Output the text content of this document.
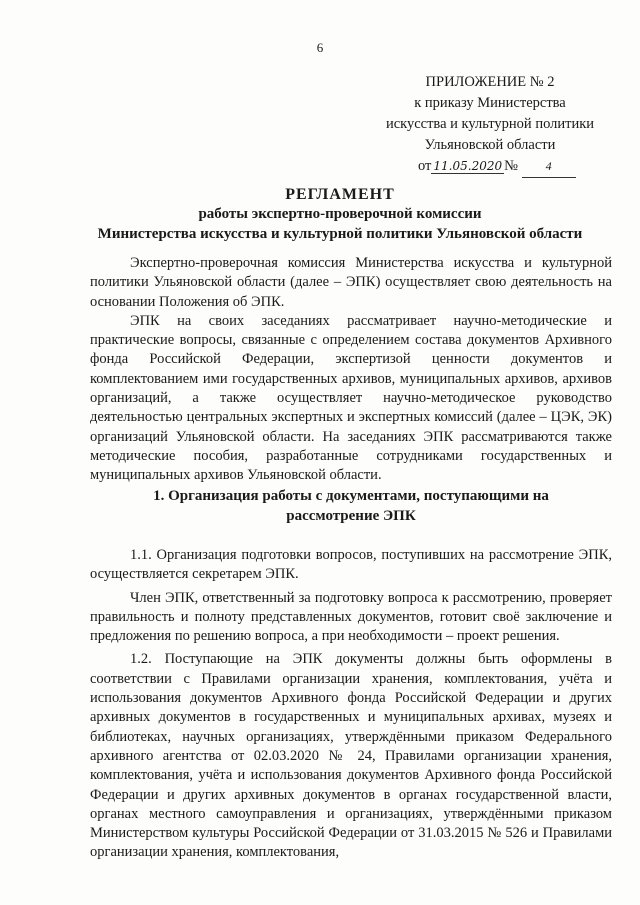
6
ПРИЛОЖЕНИЕ № 2
к приказу Министерства
искусства и культурной политики
Ульяновской области
от 11.05.2020 № 4
РЕГЛАМЕНТ
работы экспертно-проверочной комиссии
Министерства искусства и культурной политики Ульяновской области

Экспертно-проверочная комиссия Министерства искусства и культурной политики Ульяновской области (далее – ЭПК) осуществляет свою деятельность на основании Положения об ЭПК.

ЭПК на своих заседаниях рассматривает научно-методические и практические вопросы, связанные с определением состава документов Архивного фонда Российской Федерации, экспертизой ценности документов и комплектованием ими государственных архивов, муниципальных архивов, архивов организаций, а также осуществляет научно-методическое руководство деятельностью центральных экспертных и экспертных комиссий (далее – ЦЭК, ЭК) организаций Ульяновской области. На заседаниях ЭПК рассматриваются также методические пособия, разработанные сотрудниками государственных и муниципальных архивов Ульяновской области.

1. Организация работы с документами, поступающими на
рассмотрение ЭПК

1.1. Организация подготовки вопросов, поступивших на рассмотрение ЭПК, осуществляется секретарем ЭПК.

Член ЭПК, ответственный за подготовку вопроса к рассмотрению, проверяет правильность и полноту представленных документов, готовит своё заключение и предложения по решению вопроса, а при необходимости – проект решения.

1.2. Поступающие на ЭПК документы должны быть оформлены в соответствии с Правилами организации хранения, комплектования, учёта и использования документов Архивного фонда Российской Федерации и других архивных документов в государственных и муниципальных архивах, музеях и библиотеках, научных организациях, утверждёнными приказом Федерального архивного агентства от 02.03.2020 № 24, Правилами организации хранения, комплектования, учёта и использования документов Архивного фонда Российской Федерации и других архивных документов в органах государственной власти, органах местного самоуправления и организациях, утверждёнными приказом Министерством культуры Российской Федерации от 31.03.2015 № 526 и Правилами организации хранения, комплектования,
